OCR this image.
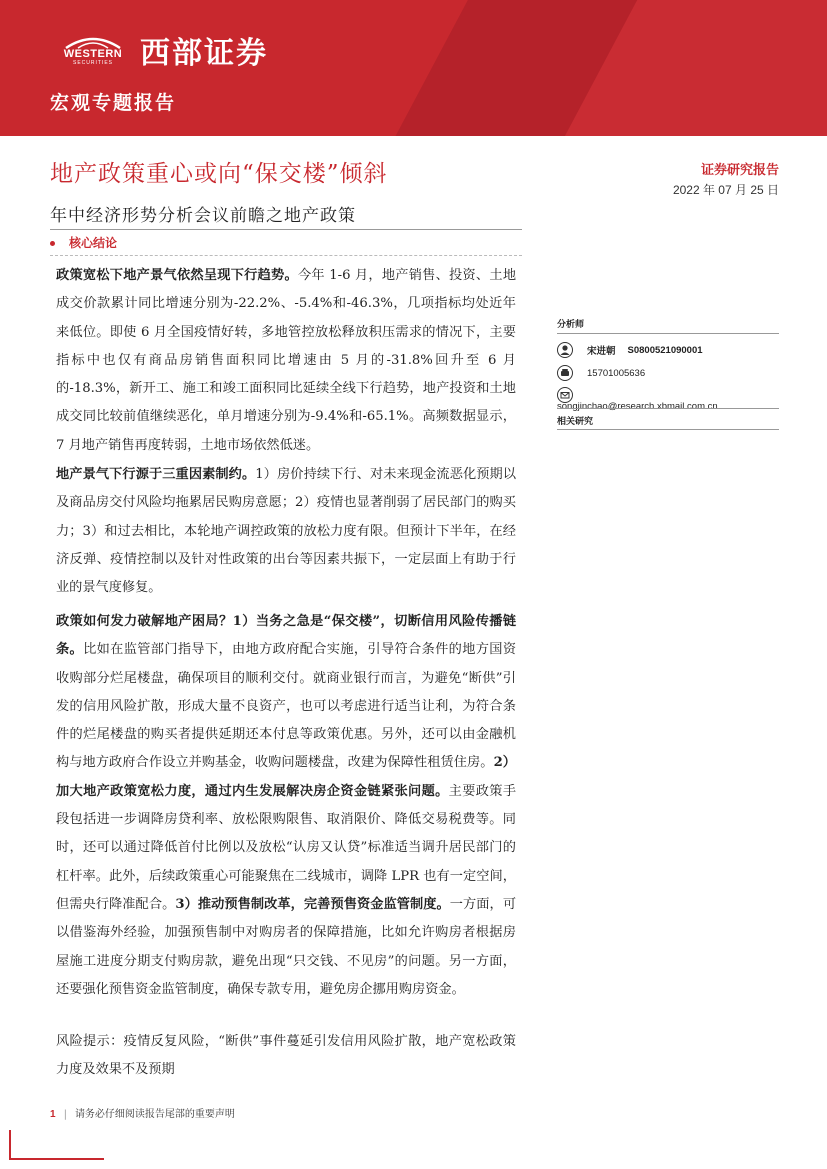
WESTERN
SECURITIES 西部证券
宏观专题报告
地产政策重心或向“保交楼”倾斜
年中经济形势分析会议前瞻之地产政策
证券研究报告
2022 年 07 月 25 日
核心结论
政策宽松下地产景气依然呈现下行趋势。今年 1-6 月，地产销售、投资、土地成交价款累计同比增速分别为-22.2%、-5.4%和-46.3%，几项指标均处近年来低位。即使 6 月全国疫情好转，多地管控放松释放积压需求的情况下，主要指标中也仅有商品房销售面积同比增速由 5 月的-31.8%回升至 6 月的-18.3%，新开工、施工和竣工面积同比延续全线下行趋势，地产投资和土地成交同比较前值继续恶化，单月增速分别为-9.4%和-65.1%。高频数据显示，7 月地产销售再度转弱，土地市场依然低迷。
地产景气下行源于三重因素制约。1）房价持续下行、对未来现金流恶化预期以及商品房交付风险均拖累居民购房意愿；2）疫情也显著削弱了居民部门的购买力；3）和过去相比，本轮地产调控政策的放松力度有限。但预计下半年，在经济反弹、疫情控制以及针对性政策的出台等因素共振下，一定层面上有助于行业的景气度修复。
政策如何发力破解地产困局？1）当务之急是“保交楼”，切断信用风险传播链条。比如在监管部门指导下，由地方政府配合实施，引导符合条件的地方国资收购部分烂尾楼盘，确保项目的顺利交付。就商业银行而言，为避免“断供”引发的信用风险扩散，形成大量不良资产，也可以考虑进行适当让利，为符合条件的烂尾楼盘的购买者提供延期还本付息等政策优惠。另外，还可以由金融机构与地方政府合作设立并购基金，收购问题楼盘，改建为保障性租赁住房。2）加大地产政策宽松力度，通过内生发展解决房企资金链紧张问题。主要政策手段包括进一步调降房贷利率、放松限购限售、取消限价、降低交易税费等。同时，还可以通过降低首付比例以及放松“认房又认贷”标准适当调升居民部门的杠杆率。此外，后续政策重心可能聚焦在二线城市，调降 LPR 也有一定空间，但需央行降准配合。3）推动预售制改革，完善预售资金监管制度。一方面，可以借鉴海外经验，加强预售制中对购房者的保障措施，比如允许购房者根据房屋施工进度分期支付购房款，避免出现“只交钱、不见房”的问题。另一方面，还要强化预售资金监管制度，确保专款专用，避免房企挪用购房资金。
风险提示：疫情反复风险，“断供”事件蔓延引发信用风险扩散，地产宽松政策力度及效果不及预期
分析师
宋进朝 S0800521090001
15701005636
songjinchao@research.xbmail.com.cn
相关研究
1 | 请务必仔细阅读报告尾部的重要声明
